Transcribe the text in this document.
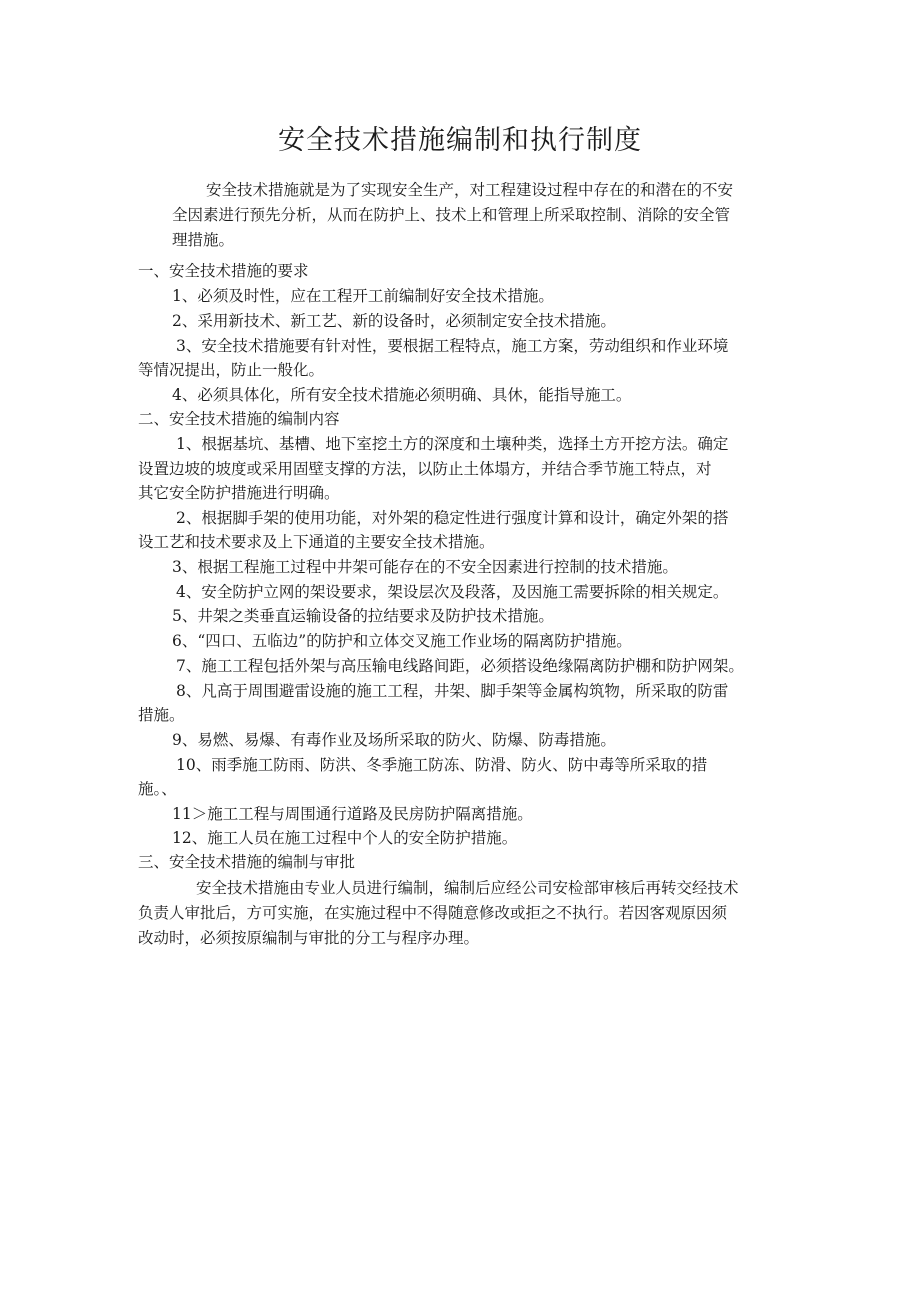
安全技术措施编制和执行制度

安全技术措施就是为了实现安全生产，对工程建设过程中存在的和潜在的不安

全因素进行预先分析，从而在防护上、技术上和管理上所采取控制、消除的安全管

理措施。

一、安全技术措施的要求

1、必须及时性，应在工程开工前编制好安全技术措施。

2、采用新技术、新工艺、新的设备时，必须制定安全技术措施。

3、安全技术措施要有针对性，要根据工程特点，施工方案，劳动组织和作业环境

等情况提出，防止一般化。

4、必须具体化，所有安全技术措施必须明确、具休，能指导施工。

二、安全技术措施的编制内容

1、根据基坑、基槽、地下室挖土方的深度和土壤种类，选择土方开挖方法。确定

设置边坡的坡度或采用固壁支撑的方法，以防止土体塌方，并结合季节施工特点，对

其它安全防护措施进行明确。

2、根据脚手架的使用功能，对外架的稳定性进行强度计算和设计，确定外架的搭

设工艺和技术要求及上下通道的主要安全技术措施。

3、根据工程施工过程中井架可能存在的不安全因素进行控制的技术措施。

4、安全防护立网的架设要求，架设层次及段落，及因施工需要拆除的相关规定。

5、井架之类垂直运输设备的拉结要求及防护技术措施。

6、“四口、五临边”的防护和立体交叉施工作业场的隔离防护措施。

7、施工工程包括外架与高压输电线路间距，必须搭设绝缘隔离防护棚和防护网架。

8、凡高于周围避雷设施的施工工程，井架、脚手架等金属构筑物，所采取的防雷

措施。

9、易燃、易爆、有毒作业及场所采取的防火、防爆、防毒措施。

10、雨季施工防雨、防洪、冬季施工防冻、防滑、防火、防中毒等所采取的措

施。、

11＞施工工程与周围通行道路及民房防护隔离措施。

12、施工人员在施工过程中个人的安全防护措施。

三、安全技术措施的编制与审批

安全技术措施由专业人员进行编制，编制后应经公司安检部审核后再转交经技术

负责人审批后，方可实施，在实施过程中不得随意修改或拒之不执行。若因客观原因须

改动时，必须按原编制与审批的分工与程序办理。
